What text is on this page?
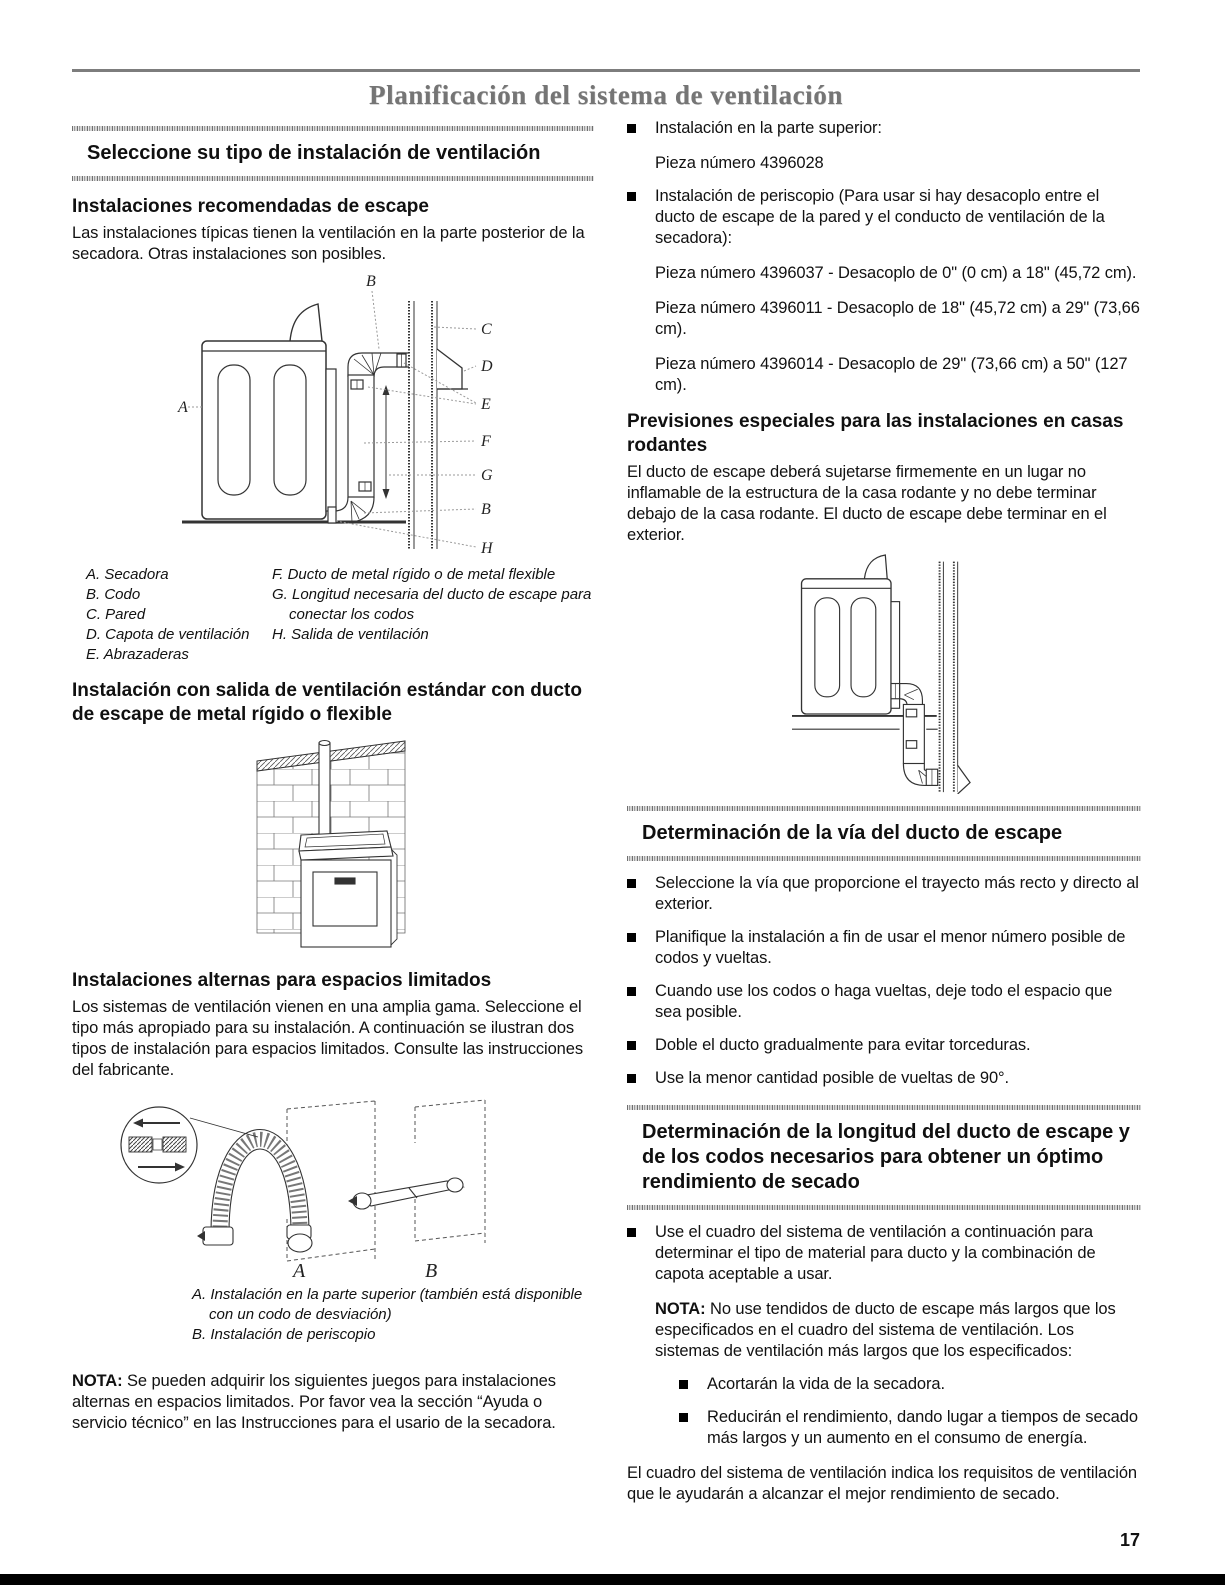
Planificación del sistema de ventilación
Seleccione su tipo de instalación de ventilación
Instalaciones recomendadas de escape

Las instalaciones típicas tienen la ventilación en la parte posterior de la secadora. Otras instalaciones son posibles.

B
C
D
E
A
F
G
B
H
A. Secadora
B. Codo
C. Pared
D. Capota de ventilación
E. Abrazaderas
F. Ducto de metal rígido o de metal flexible
G. Longitud necesaria del ducto de escape para conectar los codos
H. Salida de ventilación
Instalación con salida de ventilación estándar con ducto de escape de metal rígido o flexible
Instalaciones alternas para espacios limitados

Los sistemas de ventilación vienen en una amplia gama. Seleccione el tipo más apropiado para su instalación. A continuación se ilustran dos tipos de instalación para espacios limitados. Consulte las instrucciones del fabricante.

A	B
A. Instalación en la parte superior (también está disponible con un codo de desviación)
B. Instalación de periscopio

NOTA: Se pueden adquirir los siguientes juegos para instalaciones alternas en espacios limitados. Por favor vea la sección “Ayuda o servicio técnico” en las Instrucciones para el usario de la secadora.

Instalación en la parte superior:

Pieza número 4396028

Instalación de periscopio (Para usar si hay desacoplo entre el ducto de escape de la pared y el conducto de ventilación de la secadora):

Pieza número 4396037 - Desacoplo de 0" (0 cm) a 18" (45,72 cm).

Pieza número 4396011 - Desacoplo de 18" (45,72 cm) a 29" (73,66 cm).

Pieza número 4396014 - Desacoplo de 29" (73,66 cm) a 50" (127 cm).

Previsiones especiales para las instalaciones en casas rodantes

El ducto de escape deberá sujetarse firmemente en un lugar no inflamable de la estructura de la casa rodante y no debe terminar debajo de la casa rodante. El ducto de escape debe terminar en el exterior.

Determinación de la vía del ducto de escape
Seleccione la vía que proporcione el trayecto más recto y directo al exterior.
Planifique la instalación a fin de usar el menor número posible de codos y vueltas.
Cuando use los codos o haga vueltas, deje todo el espacio que sea posible.
Doble el ducto gradualmente para evitar torceduras.
Use la menor cantidad posible de vueltas de 90°.
Determinación de la longitud del ducto de escape y de los codos necesarios para obtener un óptimo rendimiento de secado
Use el cuadro del sistema de ventilación a continuación para determinar el tipo de material para ducto y la combinación de capota aceptable a usar.

NOTA: No use tendidos de ducto de escape más largos que los especificados en el cuadro del sistema de ventilación. Los sistemas de ventilación más largos que los especificados:

Acortarán la vida de la secadora.
Reducirán el rendimiento, dando lugar a tiempos de secado más largos y un aumento en el consumo de energía.

El cuadro del sistema de ventilación indica los requisitos de ventilación que le ayudarán a alcanzar el mejor rendimiento de secado.

17
